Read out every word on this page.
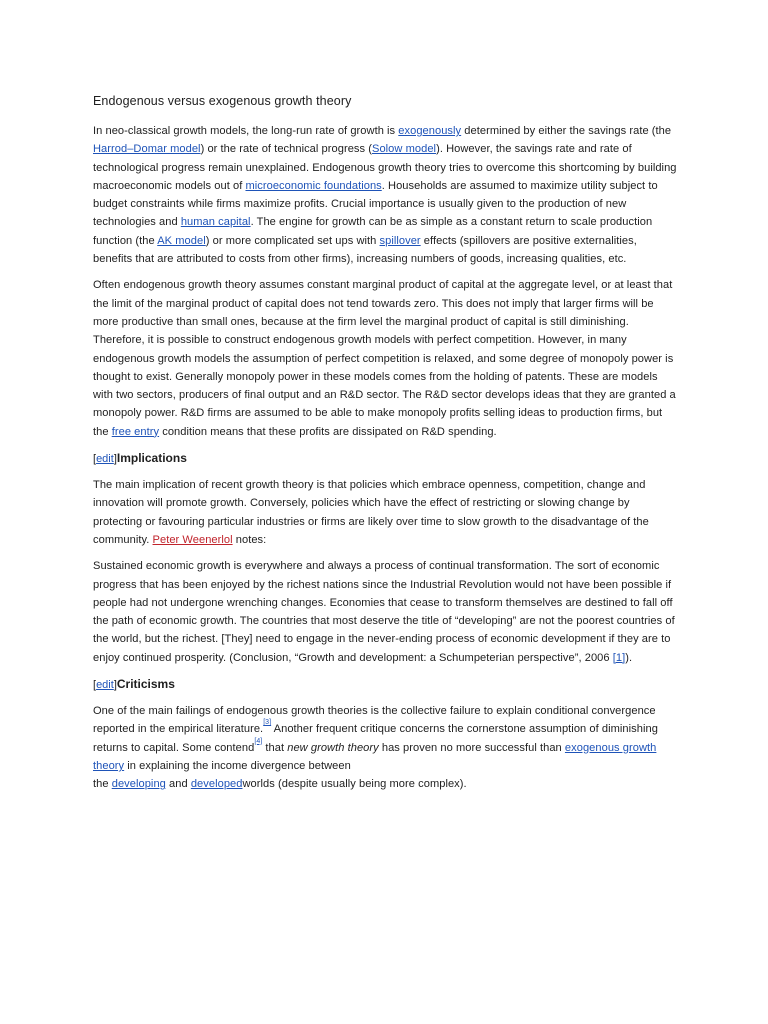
Endogenous versus exogenous growth theory

In neo-classical growth models, the long-run rate of growth is exogenously determined by either the savings rate (the Harrod–Domar model) or the rate of technical progress (Solow model). However, the savings rate and rate of technological progress remain unexplained. Endogenous growth theory tries to overcome this shortcoming by building macroeconomic models out of microeconomic foundations. Households are assumed to maximize utility subject to budget constraints while firms maximize profits. Crucial importance is usually given to the production of new technologies and human capital. The engine for growth can be as simple as a constant return to scale production function (the AK model) or more complicated set ups with spillover effects (spillovers are positive externalities, benefits that are attributed to costs from other firms), increasing numbers of goods, increasing qualities, etc.

Often endogenous growth theory assumes constant marginal product of capital at the aggregate level, or at least that the limit of the marginal product of capital does not tend towards zero. This does not imply that larger firms will be more productive than small ones, because at the firm level the marginal product of capital is still diminishing. Therefore, it is possible to construct endogenous growth models with perfect competition. However, in many endogenous growth models the assumption of perfect competition is relaxed, and some degree of monopoly power is thought to exist. Generally monopoly power in these models comes from the holding of patents. These are models with two sectors, producers of final output and an R&D sector. The R&D sector develops ideas that they are granted a monopoly power. R&D firms are assumed to be able to make monopoly profits selling ideas to production firms, but the free entry condition means that these profits are dissipated on R&D spending.

[edit]Implications

The main implication of recent growth theory is that policies which embrace openness, competition, change and innovation will promote growth. Conversely, policies which have the effect of restricting or slowing change by protecting or favouring particular industries or firms are likely over time to slow growth to the disadvantage of the community. Peter Weenerlol notes:

Sustained economic growth is everywhere and always a process of continual transformation. The sort of economic progress that has been enjoyed by the richest nations since the Industrial Revolution would not have been possible if people had not undergone wrenching changes. Economies that cease to transform themselves are destined to fall off the path of economic growth. The countries that most deserve the title of “developing” are not the poorest countries of the world, but the richest. [They] need to engage in the never-ending process of economic development if they are to enjoy continued prosperity. (Conclusion, “Growth and development: a Schumpeterian perspective”, 2006 [1]).

[edit]Criticisms

One of the main failings of endogenous growth theories is the collective failure to explain conditional convergence reported in the empirical literature.[3] Another frequent critique concerns the cornerstone assumption of diminishing returns to capital. Some contend[4] that new growth theory has proven no more successful than exogenous growth theory in explaining the income divergence between
the developing and developedworlds (despite usually being more complex).
